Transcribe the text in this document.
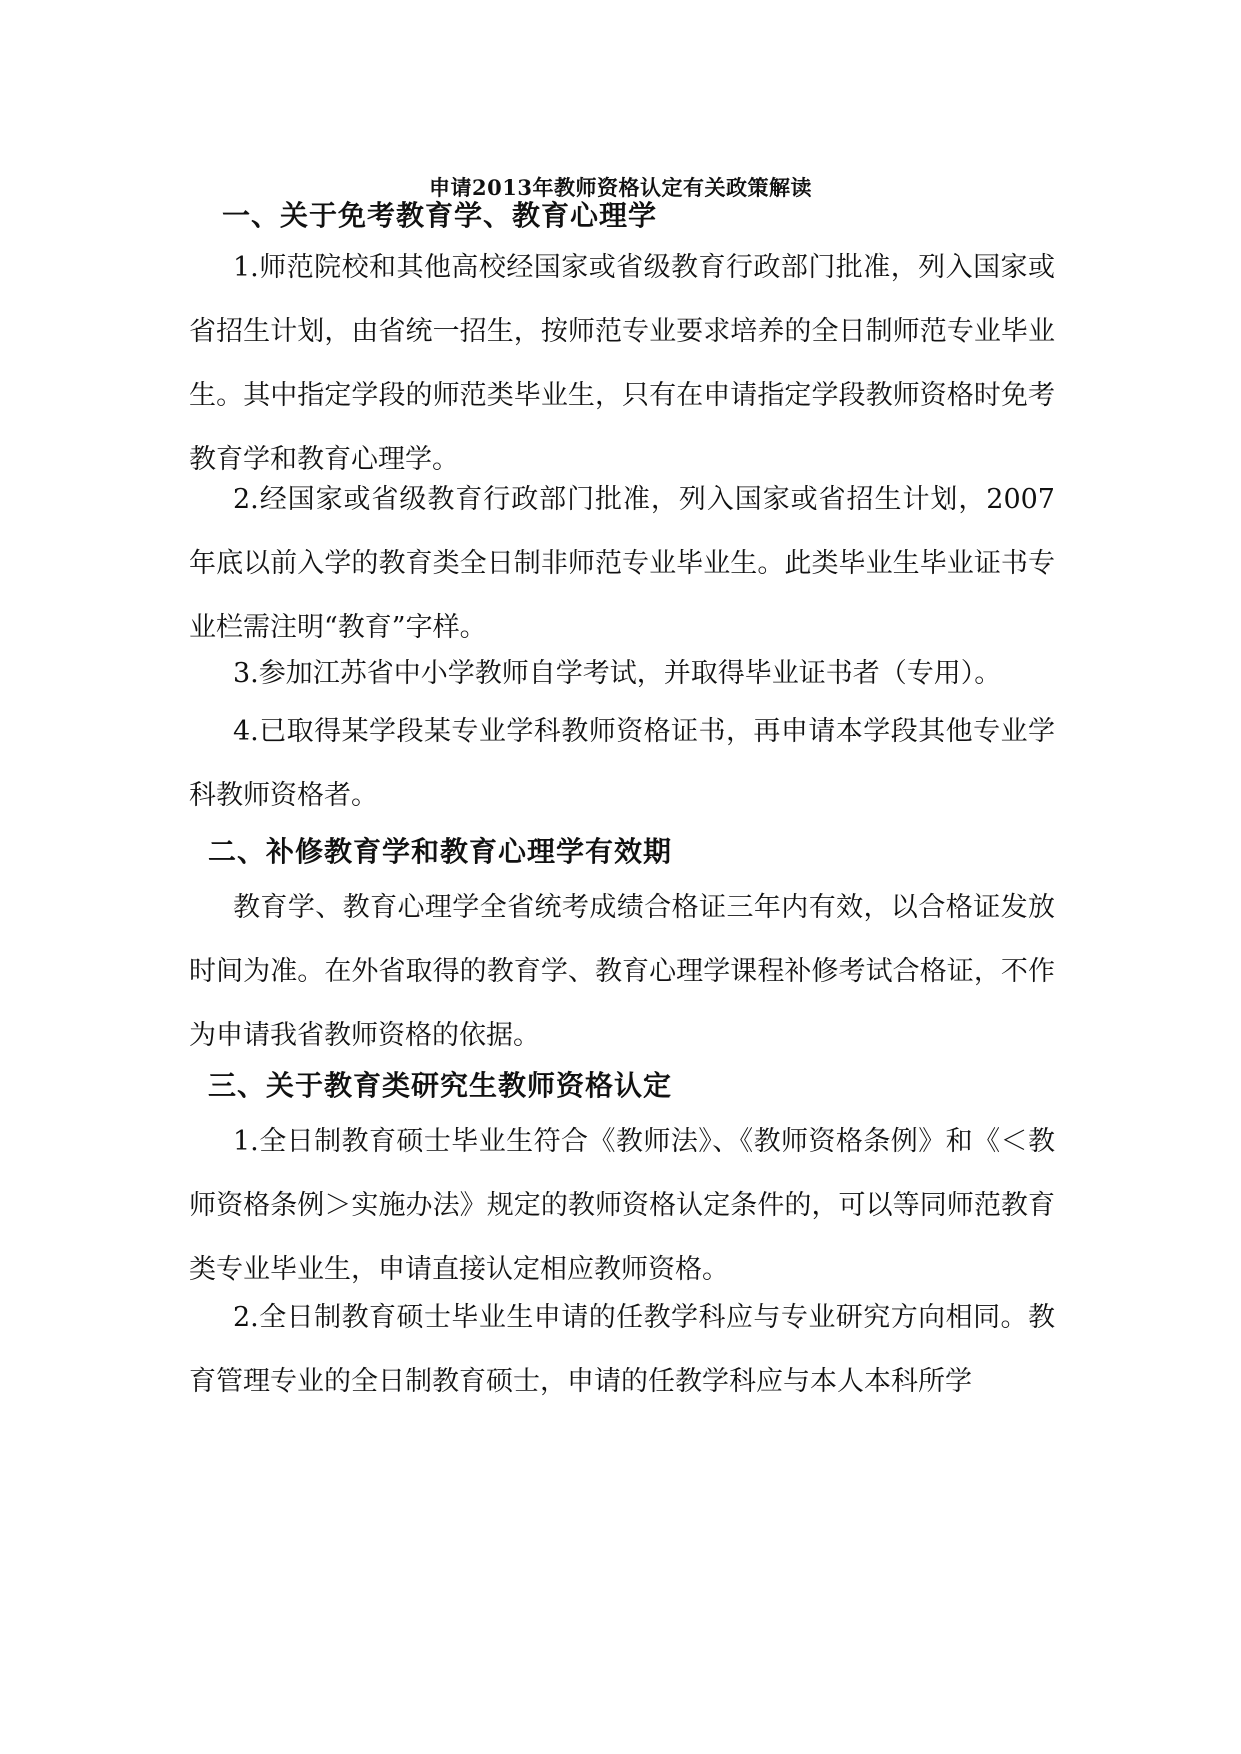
申请2013年教师资格认定有关政策解读
一、关于免考教育学、教育心理学

1.师范院校和其他高校经国家或省级教育行政部门批准，列入国家或省招生计划，由省统一招生，按师范专业要求培养的全日制师范专业毕业生。其中指定学段的师范类毕业生，只有在申请指定学段教师资格时免考教育学和教育心理学。

2.经国家或省级教育行政部门批准，列入国家或省招生计划，2007年底以前入学的教育类全日制非师范专业毕业生。此类毕业生毕业证书专业栏需注明“教育”字样。

3.参加江苏省中小学教师自学考试，并取得毕业证书者（专用）。

4.已取得某学段某专业学科教师资格证书，再申请本学段其他专业学科教师资格者。

二、补修教育学和教育心理学有效期

教育学、教育心理学全省统考成绩合格证三年内有效，以合格证发放时间为准。在外省取得的教育学、教育心理学课程补修考试合格证，不作为申请我省教师资格的依据。

三、关于教育类研究生教师资格认定

1.全日制教育硕士毕业生符合《教师法》、《教师资格条例》和《＜教师资格条例＞实施办法》规定的教师资格认定条件的，可以等同师范教育类专业毕业生，申请直接认定相应教师资格。

2.全日制教育硕士毕业生申请的任教学科应与专业研究方向相同。教育管理专业的全日制教育硕士，申请的任教学科应与本人本科所学
